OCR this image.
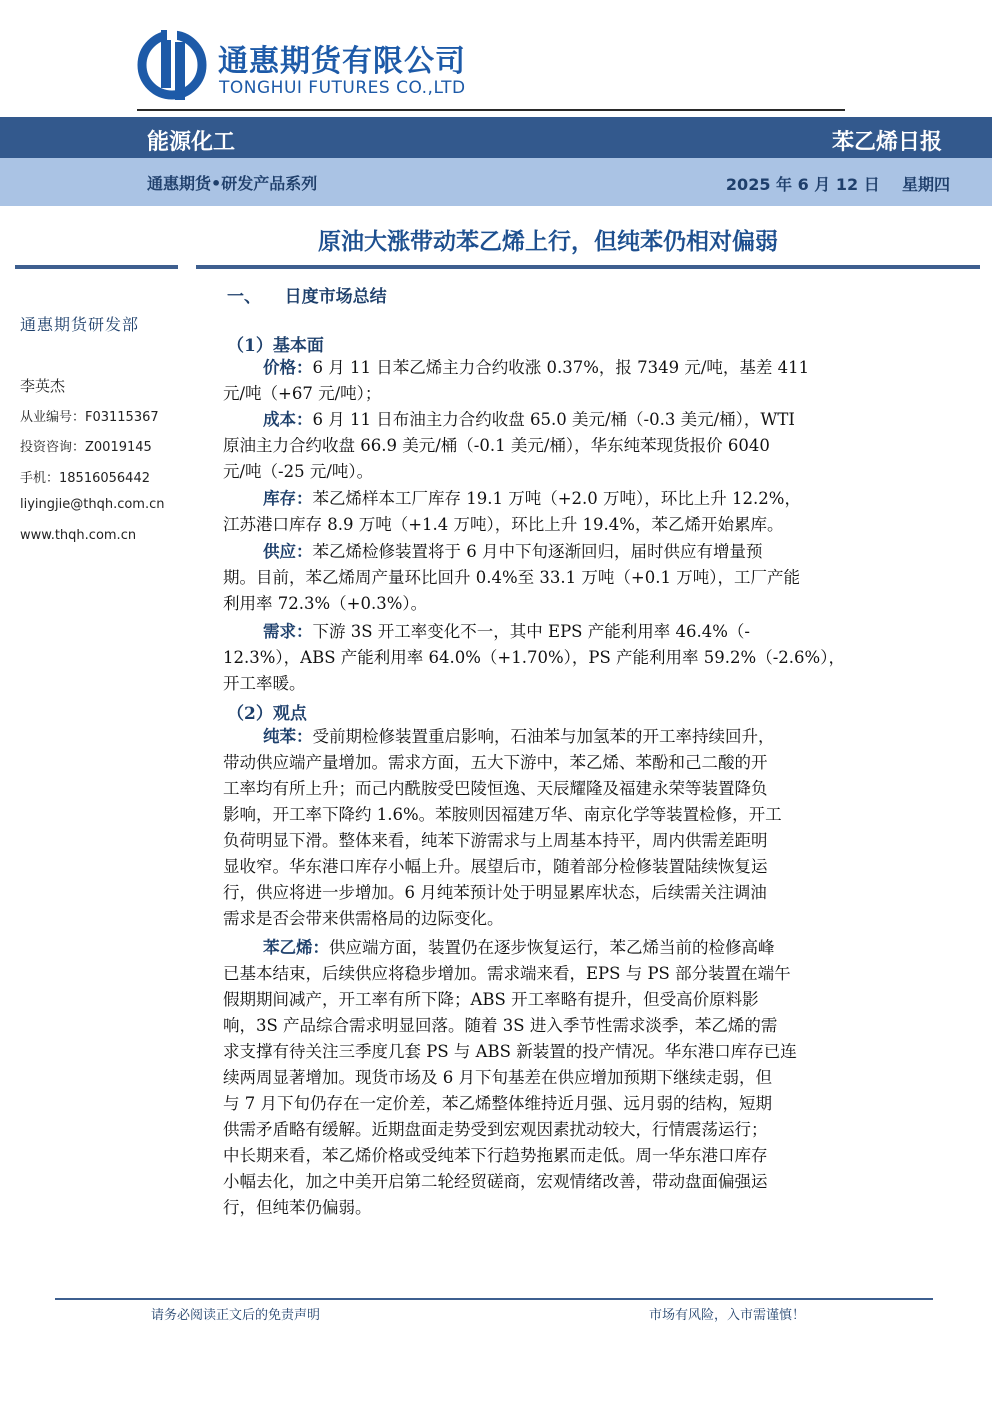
通惠期货有限公司
TONGHUI FUTURES CO.,LTD
能源化工	苯乙烯日报
通惠期货•研发产品系列	2025 年 6 月 12 日    星期四
原油大涨带动苯乙烯上行，但纯苯仍相对偏弱
通惠期货研发部
李英杰
从业编号：F03115367
投资咨询：Z0019145
手机：18516056442
liyingjie@thqh.com.cn
www.thqh.com.cn
一、    日度市场总结
（1）基本面
价格：6 月 11 日苯乙烯主力合约收涨 0.37%，报 7349 元/吨，基差 411
元/吨（+67 元/吨）；
成本：6 月 11 日布油主力合约收盘 65.0 美元/桶（-0.3 美元/桶），WTI
原油主力合约收盘 66.9 美元/桶（-0.1 美元/桶），华东纯苯现货报价 6040
元/吨（-25 元/吨）。
库存：苯乙烯样本工厂库存 19.1 万吨（+2.0 万吨），环比上升 12.2%，
江苏港口库存 8.9 万吨（+1.4 万吨），环比上升 19.4%，苯乙烯开始累库。
供应：苯乙烯检修装置将于 6 月中下旬逐渐回归，届时供应有增量预
期。目前，苯乙烯周产量环比回升 0.4%至 33.1 万吨（+0.1 万吨），工厂产能
利用率 72.3%（+0.3%）。
需求：下游 3S 开工率变化不一，其中 EPS 产能利用率 46.4%（-
12.3%），ABS 产能利用率 64.0%（+1.70%），PS 产能利用率 59.2%（-2.6%），
开工率暖。
（2）观点
纯苯：受前期检修装置重启影响，石油苯与加氢苯的开工率持续回升，
带动供应端产量增加。需求方面，五大下游中，苯乙烯、苯酚和己二酸的开
工率均有所上升；而己内酰胺受巴陵恒逸、天辰耀隆及福建永荣等装置降负
影响，开工率下降约 1.6%。苯胺则因福建万华、南京化学等装置检修，开工
负荷明显下滑。整体来看，纯苯下游需求与上周基本持平，周内供需差距明
显收窄。华东港口库存小幅上升。展望后市，随着部分检修装置陆续恢复运
行，供应将进一步增加。6 月纯苯预计处于明显累库状态，后续需关注调油
需求是否会带来供需格局的边际变化。
苯乙烯：供应端方面，装置仍在逐步恢复运行，苯乙烯当前的检修高峰
已基本结束，后续供应将稳步增加。需求端来看，EPS 与 PS 部分装置在端午
假期期间减产，开工率有所下降；ABS 开工率略有提升，但受高价原料影
响，3S 产品综合需求明显回落。随着 3S 进入季节性需求淡季，苯乙烯的需
求支撑有待关注三季度几套 PS 与 ABS 新装置的投产情况。华东港口库存已连
续两周显著增加。现货市场及 6 月下旬基差在供应增加预期下继续走弱，但
与 7 月下旬仍存在一定价差，苯乙烯整体维持近月强、远月弱的结构，短期
供需矛盾略有缓解。近期盘面走势受到宏观因素扰动较大，行情震荡运行；
中长期来看，苯乙烯价格或受纯苯下行趋势拖累而走低。周一华东港口库存
小幅去化，加之中美开启第二轮经贸磋商，宏观情绪改善，带动盘面偏强运
行，但纯苯仍偏弱。
请务必阅读正文后的免责声明	市场有风险，入市需谨慎！
